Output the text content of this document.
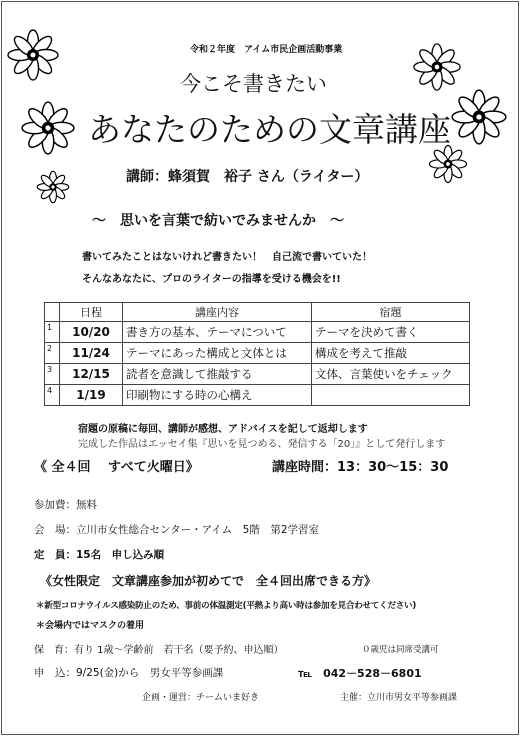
令和２年度　アイム市民企画活動事業
今こそ書きたい
あなたのための文章講座
講師：蜂須賀　裕子 さん（ライター）
～　思いを言葉で紡いでみませんか　～
書いてみたことはないけれど書きたい！　自己流で書いていた！
そんなあなたに、プロのライターの指導を受ける機会を!!
	日程	講座内容	宿題
1	10/20	書き方の基本、テーマについて	テーマを決めて書く
2	11/24	テーマにあった構成と文体とは	構成を考えて推敲
3	12/15	読者を意識して推敲する	文体、言葉使いをチェック
4	1/19	印刷物にする時の心構え	
宿題の原稿に毎回、講師が感想、アドバイスを記して返却します
完成した作品はエッセイ集『思いを見つめる、発信する「20」』として発行します
《 全４回　 すべて火曜日》	講座時間：13：30～15：30
参加費：無料
会　場：立川市女性総合センター・アイム　5階　第2学習室
定　員：15名　申し込み順
《女性限定　文章講座参加が初めてで　全４回出席できる方》
＊新型コロナウイルス感染防止のため、事前の体温測定(平熱より高い時は参加を見合わせてください)
＊会場内ではマスクの着用
保　育：有り 1歳～学齢前　若干名（要予約、申込順）	０歳児は同席受講可
申　込：9/25(金)から　男女平等参画課	℡　042－528－6801
企画・運営：チームいま好き	主催：立川市男女平等参画課
